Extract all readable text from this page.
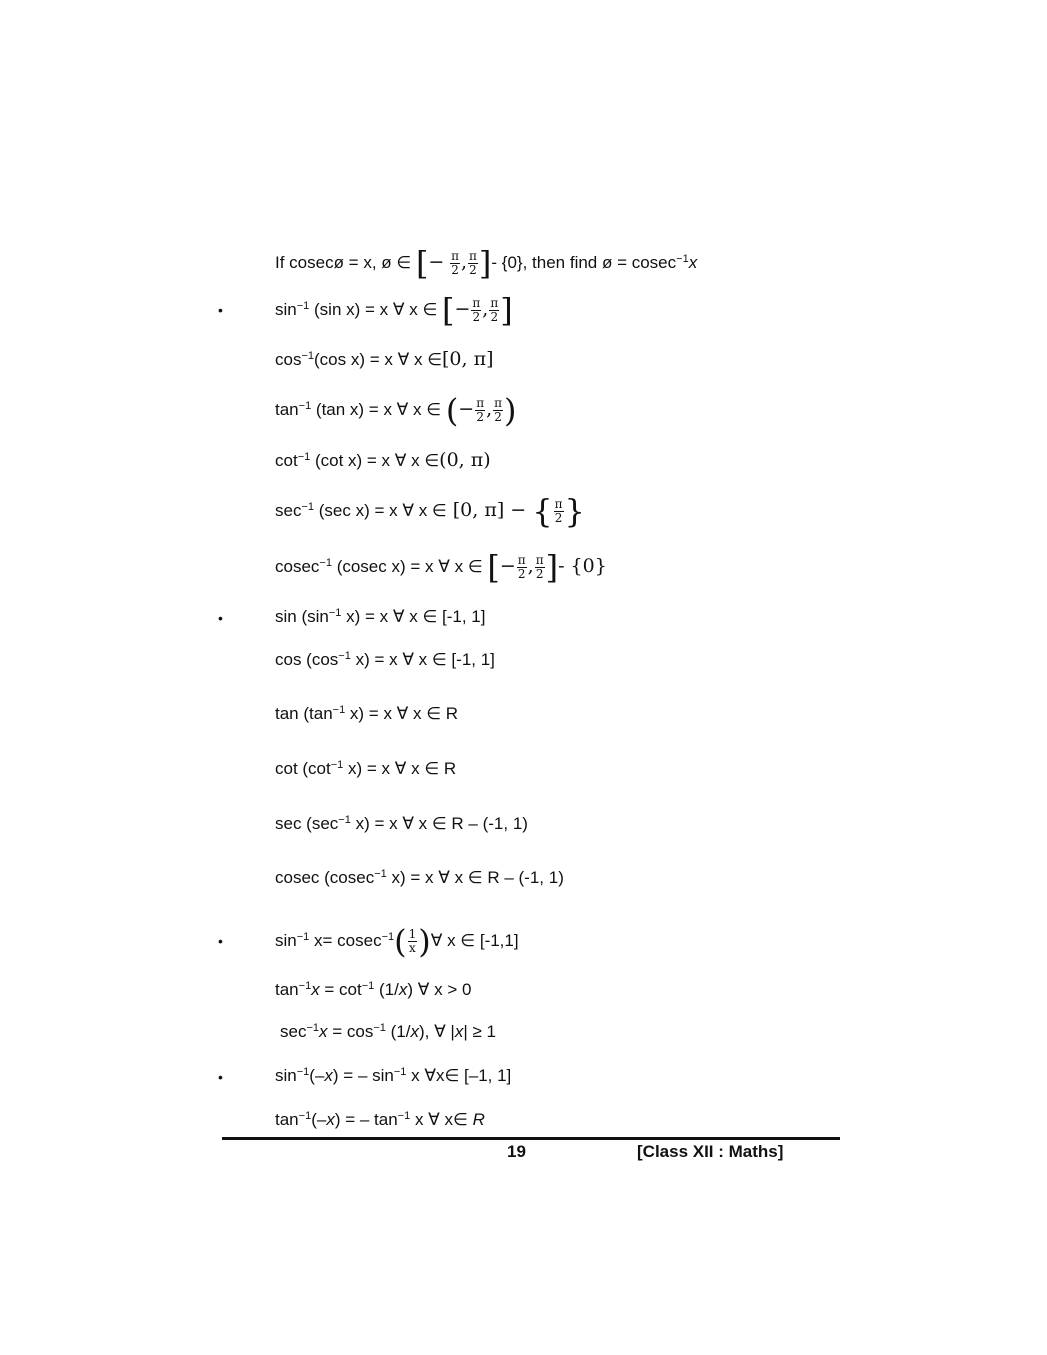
If cosecø = x, ø ∈ [− $\frac{\pi}{2}$ , $\frac{\pi}{2}$ ]- {0}, then find ø = cosec$^{-1}$x
•	$\sin^{-1} (\sin$ x) = x ∀ x ∈ [− $\frac{\pi}{2}$ , $\frac{\pi}{2}$ ]
$\cos^{-1}(\cos$ x) = x ∀ x ∈[0, π]
$\tan^{-1} (\tan$ x) = x ∀ x ∈ (− $\frac{\pi}{2}$ , $\frac{\pi}{2}$ )
$\cot^{-1} (\cot$ x) = x ∀ x ∈(0, π)
$\sec^{-1} (\sec$ x) = x ∀ x ∈ [0, π] − { $\frac{\pi}{2}$ }
cosec$^{-1}$ (cosec x) = x ∀ x ∈ [− $\frac{\pi}{2}$ , $\frac{\pi}{2}$ ]- {0}
•	$\sin (\sin^{-1}$ x) = x ∀ x ∈ [-1, 1]
$\cos (\cos^{-1}$ x) = x ∀ x ∈ [-1, 1]
$\tan (\tan^{-1}$ x) = x ∀ x ∈ R
$\cot (\cot^{-1}$ x) = x ∀ x ∈ R
$\sec (\sec^{-1}$ x) = x ∀ x ∈ R – (-1, 1)
cosec (cosec$^{-1}$ x) = x ∀ x ∈ R – (-1, 1)
•	$\sin^{-1} x= cosec^{-1}( \frac{1}{x}$ )∀ x ∈ [-1,1]
$\tan^{-1}x = \cot^{-1} (1/x)$ ∀ x > 0
$\sec^{-1}x = \cos^{-1} (1/x)$, ∀ |x| ≥ 1
•	$\sin^{-1}(-x)$ = – $\sin^{-1} x$ ∀x∈ [–1, 1]
$\tan^{-1}(-x)$ = – $\tan^{-1} x$ ∀ x∈ R
19	[Class XII : Maths]
